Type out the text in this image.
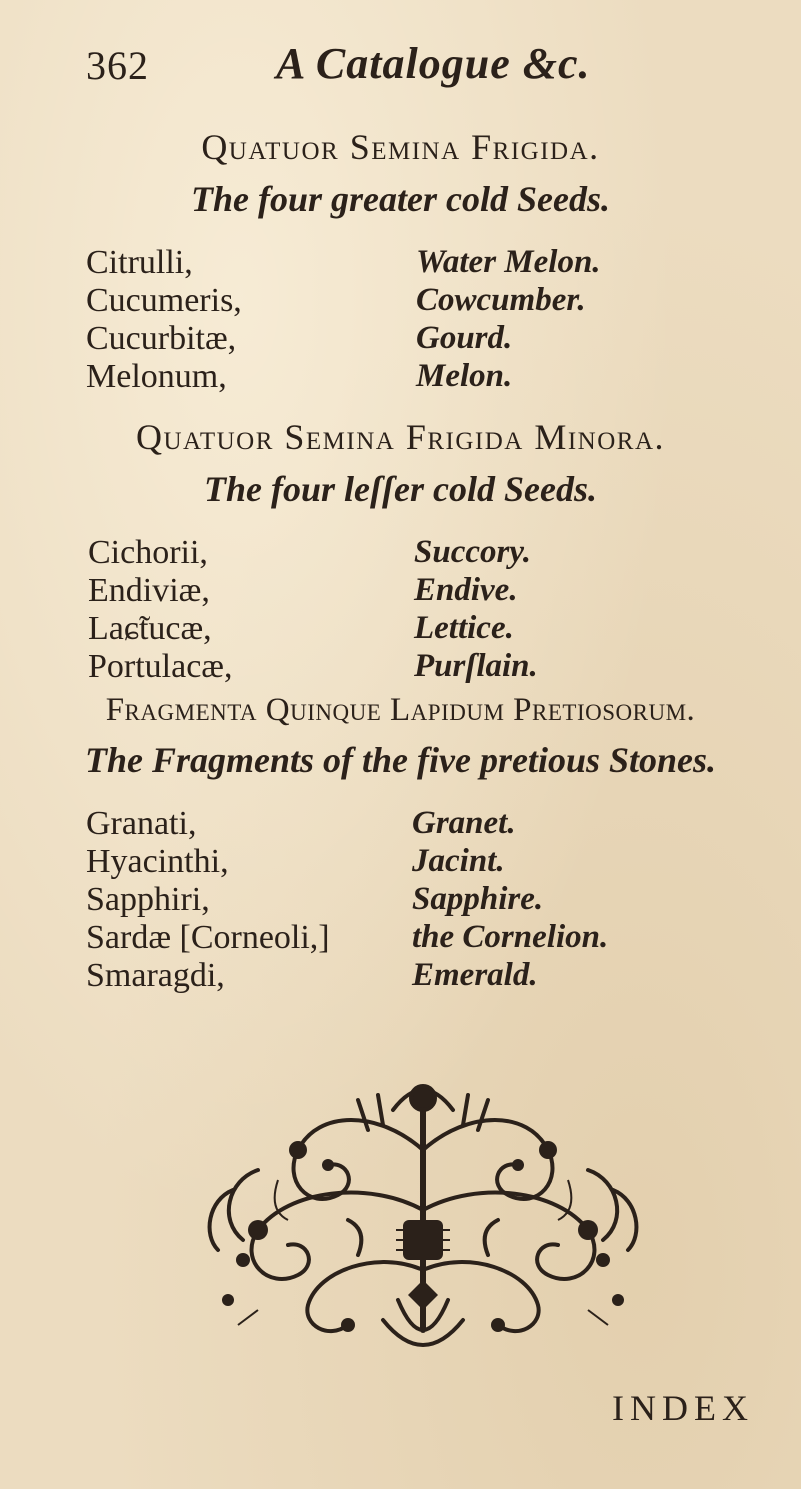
362	A Catalogue &c.

Quatuor Semina Frigida.

The four greater cold Seeds.

Citrulli,	Water Melon.
Cucumeris,	Cowcumber.
Cucurbitæ,	Gourd.
Melonum,	Melon.

Quatuor Semina Frigida Minora.

The four leſſer cold Seeds.

Cichorii,	Succory.
Endiviæ,	Endive.
Laɕ̃tucæ,	Lettice.
Portulacæ,	Purſlain.

Fragmenta Quinque Lapidum Pretiosorum.

The Fragments of the five pretious Stones.

Granati,	Granet.
Hyacinthi,	Jacint.
Sapphiri,	Sapphire.
Sardæ [Corneoli,] the Cornelion.
Smaragdi,	Emerald.
INDEX
